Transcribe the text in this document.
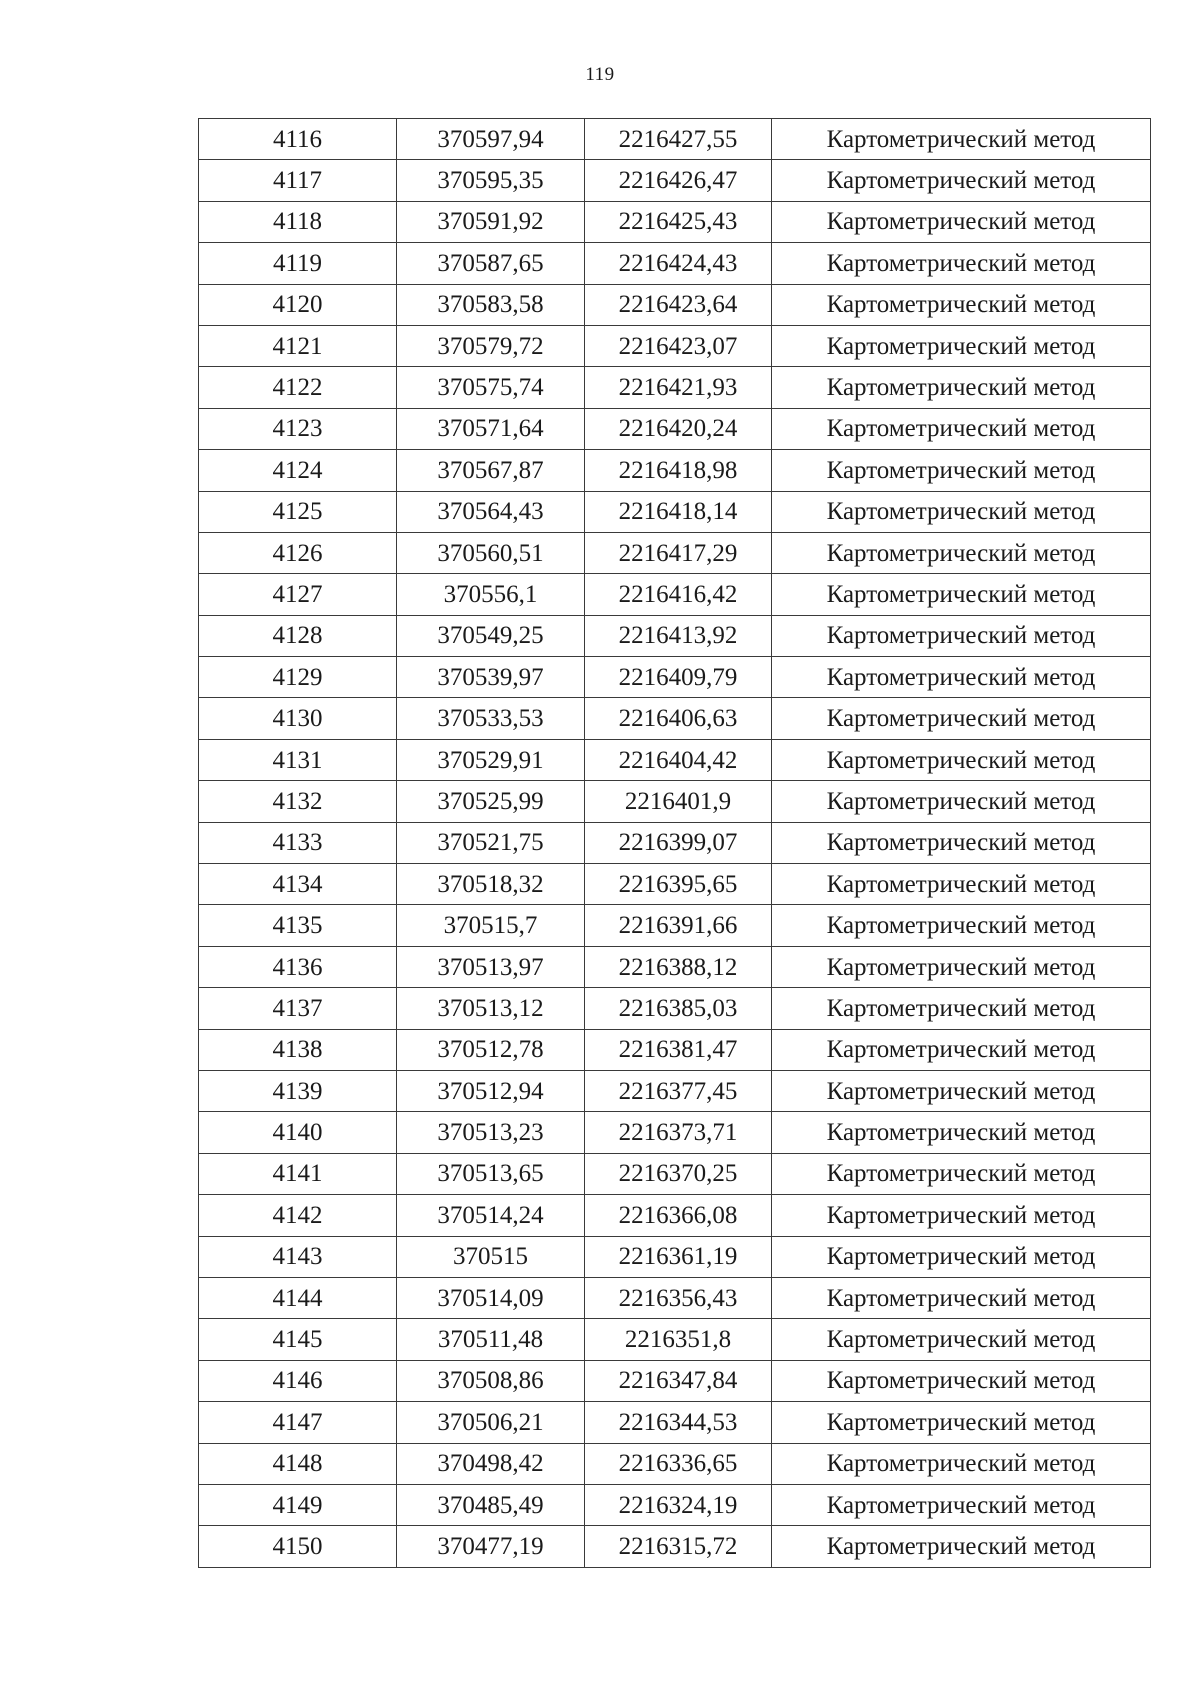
119
4116	370597,94	2216427,55	Картометрический метод
4117	370595,35	2216426,47	Картометрический метод
4118	370591,92	2216425,43	Картометрический метод
4119	370587,65	2216424,43	Картометрический метод
4120	370583,58	2216423,64	Картометрический метод
4121	370579,72	2216423,07	Картометрический метод
4122	370575,74	2216421,93	Картометрический метод
4123	370571,64	2216420,24	Картометрический метод
4124	370567,87	2216418,98	Картометрический метод
4125	370564,43	2216418,14	Картометрический метод
4126	370560,51	2216417,29	Картометрический метод
4127	370556,1	2216416,42	Картометрический метод
4128	370549,25	2216413,92	Картометрический метод
4129	370539,97	2216409,79	Картометрический метод
4130	370533,53	2216406,63	Картометрический метод
4131	370529,91	2216404,42	Картометрический метод
4132	370525,99	2216401,9	Картометрический метод
4133	370521,75	2216399,07	Картометрический метод
4134	370518,32	2216395,65	Картометрический метод
4135	370515,7	2216391,66	Картометрический метод
4136	370513,97	2216388,12	Картометрический метод
4137	370513,12	2216385,03	Картометрический метод
4138	370512,78	2216381,47	Картометрический метод
4139	370512,94	2216377,45	Картометрический метод
4140	370513,23	2216373,71	Картометрический метод
4141	370513,65	2216370,25	Картометрический метод
4142	370514,24	2216366,08	Картометрический метод
4143	370515	2216361,19	Картометрический метод
4144	370514,09	2216356,43	Картометрический метод
4145	370511,48	2216351,8	Картометрический метод
4146	370508,86	2216347,84	Картометрический метод
4147	370506,21	2216344,53	Картометрический метод
4148	370498,42	2216336,65	Картометрический метод
4149	370485,49	2216324,19	Картометрический метод
4150	370477,19	2216315,72	Картометрический метод
